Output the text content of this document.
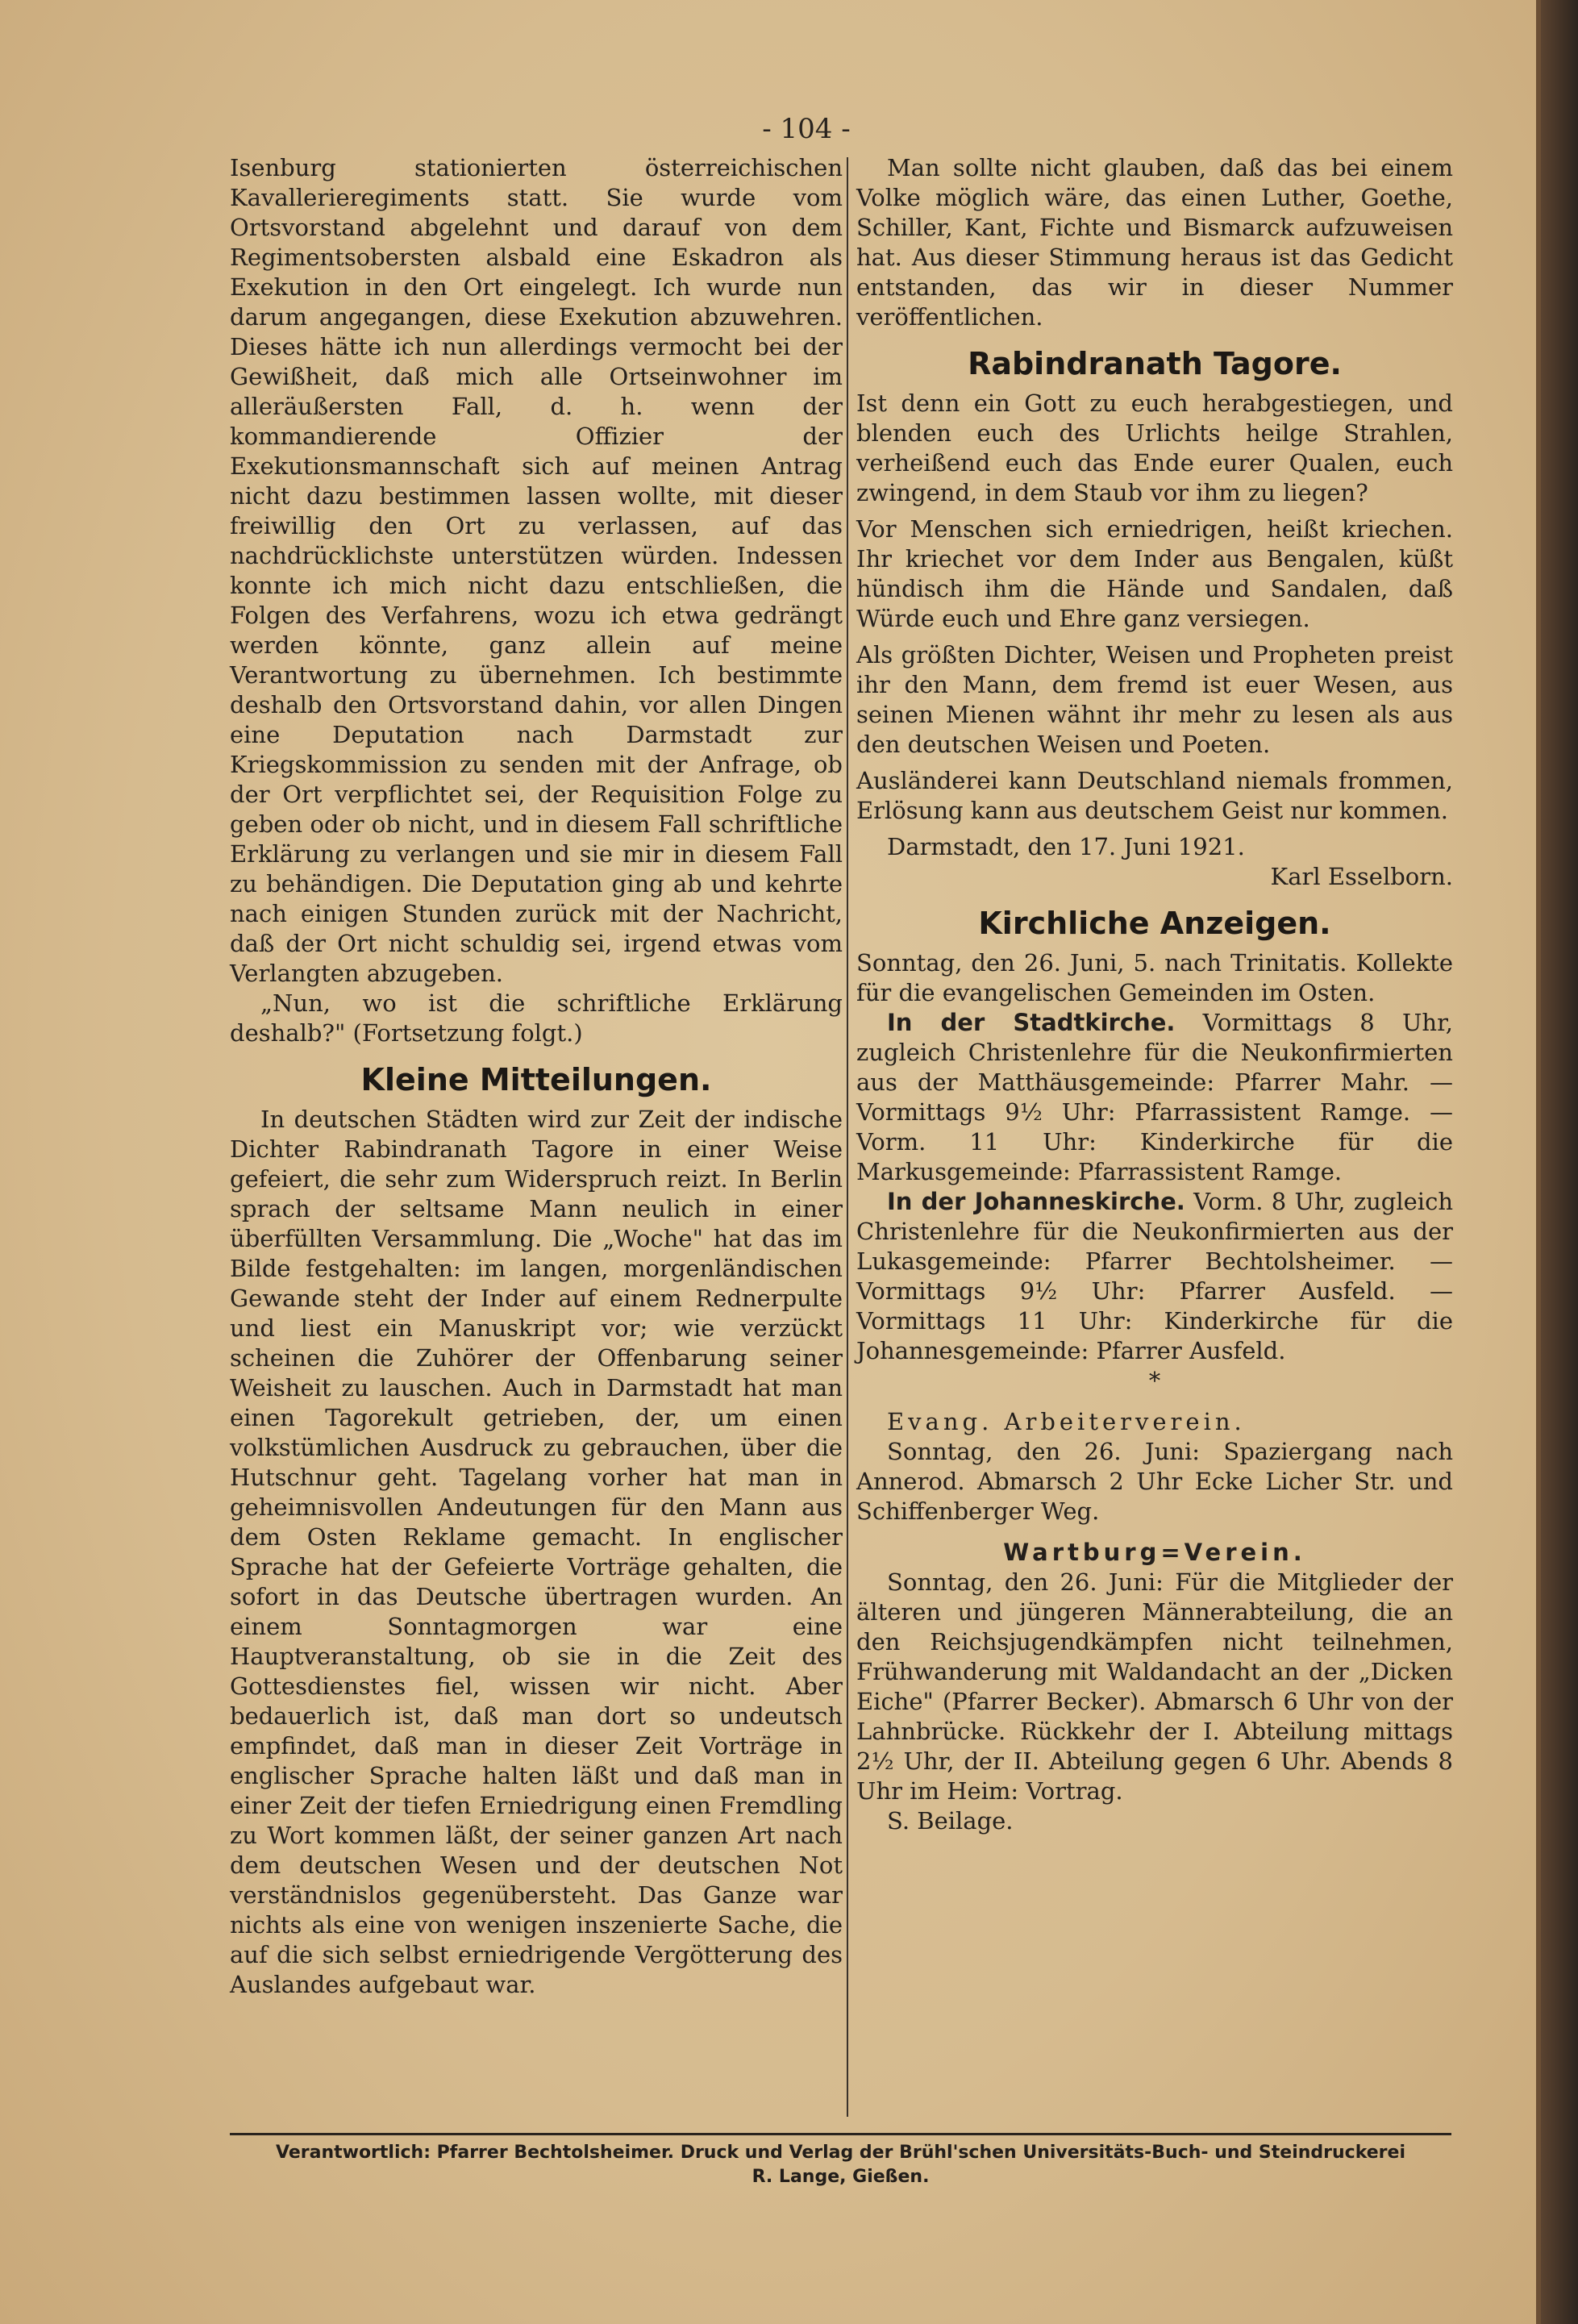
- 104 -

Isenburg stationierten österreichischen Kavallerieregiments statt. Sie wurde vom Ortsvorstand abgelehnt und darauf von dem Regimentsobersten alsbald eine Eskadron als Exekution in den Ort eingelegt. Ich wurde nun darum angegangen, diese Exekution abzuwehren. Dieses hätte ich nun allerdings vermocht bei der Gewißheit, daß mich alle Ortseinwohner im alleräußersten Fall, d. h. wenn der kommandierende Offizier der Exekutionsmannschaft sich auf meinen Antrag nicht dazu bestimmen lassen wollte, mit dieser freiwillig den Ort zu verlassen, auf das nachdrücklichste unterstützen würden. Indessen konnte ich mich nicht dazu entschließen, die Folgen des Verfahrens, wozu ich etwa gedrängt werden könnte, ganz allein auf meine Verantwortung zu übernehmen. Ich bestimmte deshalb den Ortsvorstand dahin, vor allen Dingen eine Deputation nach Darmstadt zur Kriegskommission zu senden mit der Anfrage, ob der Ort verpflichtet sei, der Requisition Folge zu geben oder ob nicht, und in diesem Fall schriftliche Erklärung zu verlangen und sie mir in diesem Fall zu behändigen. Die Deputation ging ab und kehrte nach einigen Stunden zurück mit der Nachricht, daß der Ort nicht schuldig sei, irgend etwas vom Verlangten abzugeben.

„Nun, wo ist die schriftliche Erklärung deshalb?" (Fortsetzung folgt.)

Kleine Mitteilungen.

In deutschen Städten wird zur Zeit der indische Dichter Rabindranath Tagore in einer Weise gefeiert, die sehr zum Widerspruch reizt. In Berlin sprach der seltsame Mann neulich in einer überfüllten Versammlung. Die „Woche" hat das im Bilde festgehalten: im langen, morgenländischen Gewande steht der Inder auf einem Rednerpulte und liest ein Manuskript vor; wie verzückt scheinen die Zuhörer der Offenbarung seiner Weisheit zu lauschen. Auch in Darmstadt hat man einen Tagorekult getrieben, der, um einen volkstümlichen Ausdruck zu gebrauchen, über die Hutschnur geht. Tagelang vorher hat man in geheimnisvollen Andeutungen für den Mann aus dem Osten Reklame gemacht. In englischer Sprache hat der Gefeierte Vorträge gehalten, die sofort in das Deutsche übertragen wurden. An einem Sonntagmorgen war eine Hauptveranstaltung, ob sie in die Zeit des Gottesdienstes fiel, wissen wir nicht. Aber bedauerlich ist, daß man dort so undeutsch empfindet, daß man in dieser Zeit Vorträge in englischer Sprache halten läßt und daß man in einer Zeit der tiefen Erniedrigung einen Fremdling zu Wort kommen läßt, der seiner ganzen Art nach dem deutschen Wesen und der deutschen Not verständnislos gegenübersteht. Das Ganze war nichts als eine von wenigen inszenierte Sache, die auf die sich selbst erniedrigende Vergötterung des Auslandes aufgebaut war.

Man sollte nicht glauben, daß das bei einem Volke möglich wäre, das einen Luther, Goethe, Schiller, Kant, Fichte und Bismarck aufzuweisen hat. Aus dieser Stimmung heraus ist das Gedicht entstanden, das wir in dieser Nummer veröffentlichen.

Rabindranath Tagore.

Ist denn ein Gott zu euch herabgestiegen, und blenden euch des Urlichts heilge Strahlen, verheißend euch das Ende eurer Qualen, euch zwingend, in dem Staub vor ihm zu liegen?

Vor Menschen sich erniedrigen, heißt kriechen. Ihr kriechet vor dem Inder aus Bengalen, küßt hündisch ihm die Hände und Sandalen, daß Würde euch und Ehre ganz versiegen.

Als größten Dichter, Weisen und Propheten preist ihr den Mann, dem fremd ist euer Wesen, aus seinen Mienen wähnt ihr mehr zu lesen als aus den deutschen Weisen und Poeten.

Ausländerei kann Deutschland niemals frommen, Erlösung kann aus deutschem Geist nur kommen.

Darmstadt, den 17. Juni 1921.

Karl Esselborn.

Kirchliche Anzeigen.

Sonntag, den 26. Juni, 5. nach Trinitatis. Kollekte für die evangelischen Gemeinden im Osten.

In der Stadtkirche. Vormittags 8 Uhr, zugleich Christenlehre für die Neukonfirmierten aus der Matthäusgemeinde: Pfarrer Mahr. — Vormittags 9½ Uhr: Pfarrassistent Ramge. — Vorm. 11 Uhr: Kinderkirche für die Markusgemeinde: Pfarrassistent Ramge.

In der Johanneskirche. Vorm. 8 Uhr, zugleich Christenlehre für die Neukonfirmierten aus der Lukasgemeinde: Pfarrer Bechtolsheimer. — Vormittags 9½ Uhr: Pfarrer Ausfeld. — Vormittags 11 Uhr: Kinderkirche für die Johannesgemeinde: Pfarrer Ausfeld.

*

Evang. Arbeiterverein.

Sonntag, den 26. Juni: Spaziergang nach Annerod. Abmarsch 2 Uhr Ecke Licher Str. und Schiffenberger Weg.

Wartburg=Verein.

Sonntag, den 26. Juni: Für die Mitglieder der älteren und jüngeren Männerabteilung, die an den Reichsjugendkämpfen nicht teilnehmen, Frühwanderung mit Waldandacht an der „Dicken Eiche" (Pfarrer Becker). Abmarsch 6 Uhr von der Lahnbrücke. Rückkehr der I. Abteilung mittags 2½ Uhr, der II. Abteilung gegen 6 Uhr. Abends 8 Uhr im Heim: Vortrag.

S. Beilage.

Verantwortlich: Pfarrer Bechtolsheimer. Druck und Verlag der Brühl'schen Universitäts-Buch- und Steindruckerei
R. Lange, Gießen.
